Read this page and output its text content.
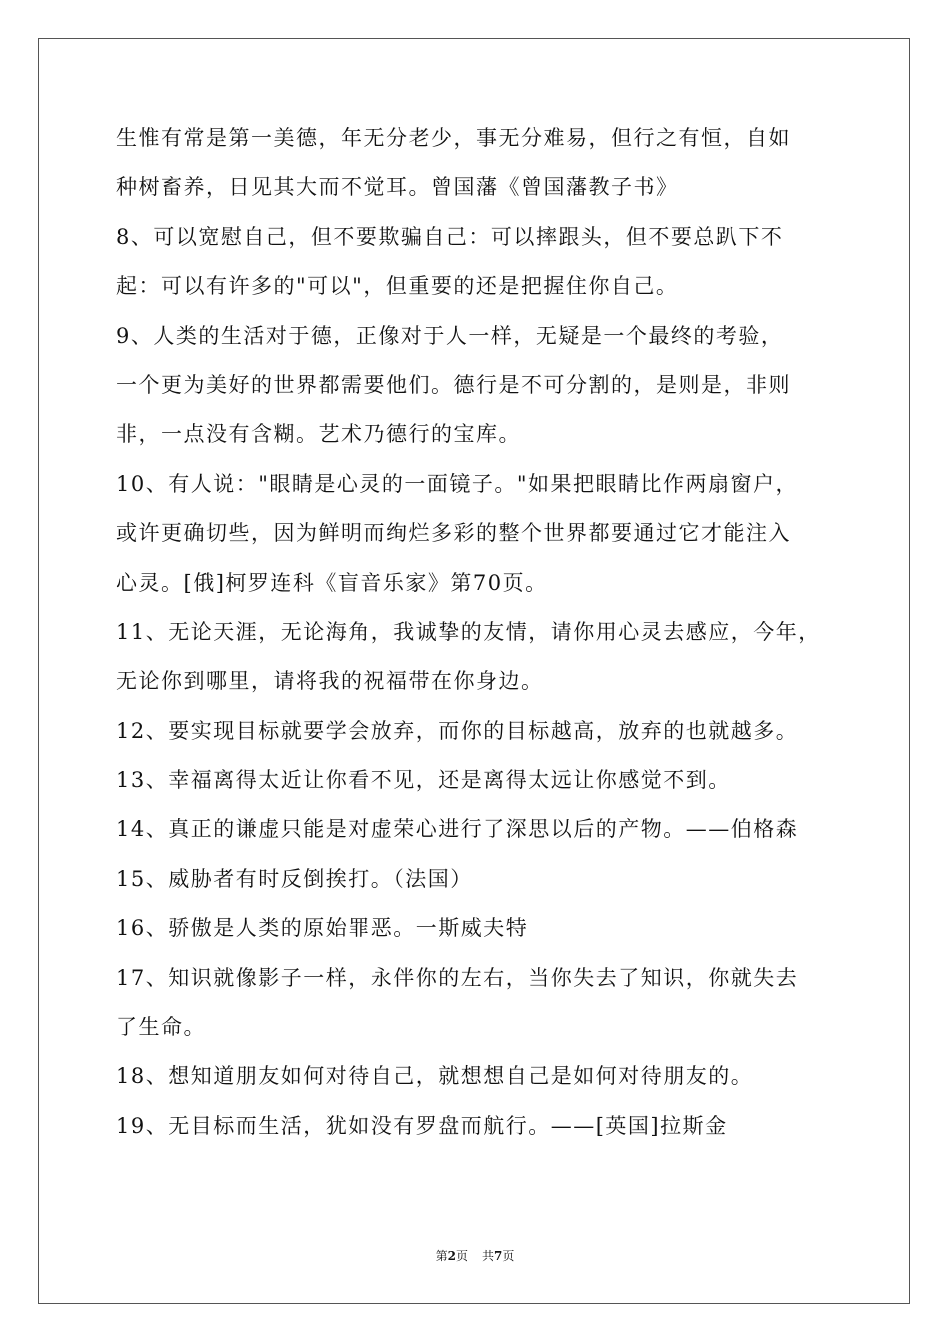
生惟有常是第一美德，年无分老少，事无分难易，但行之有恒，自如
种树畜养，日见其大而不觉耳。曾国藩《曾国藩教子书》
8、可以宽慰自己，但不要欺骗自己：可以摔跟头，但不要总趴下不
起：可以有许多的"可以"，但重要的还是把握住你自己。
9、人类的生活对于德，正像对于人一样，无疑是一个最终的考验，
一个更为美好的世界都需要他们。德行是不可分割的，是则是，非则
非，一点没有含糊。艺术乃德行的宝库。
10、有人说："眼睛是心灵的一面镜子。"如果把眼睛比作两扇窗户，
或许更确切些，因为鲜明而绚烂多彩的整个世界都要通过它才能注入
心灵。[俄]柯罗连科《盲音乐家》第70页。
11、无论天涯，无论海角，我诚挚的友情，请你用心灵去感应，今年，
无论你到哪里，请将我的祝福带在你身边。
12、要实现目标就要学会放弃，而你的目标越高，放弃的也就越多。
13、幸福离得太近让你看不见，还是离得太远让你感觉不到。
14、真正的谦虚只能是对虚荣心进行了深思以后的产物。——伯格森
15、威胁者有时反倒挨打。（法国）
16、骄傲是人类的原始罪恶。一斯威夫特
17、知识就像影子一样，永伴你的左右，当你失去了知识，你就失去
了生命。
18、想知道朋友如何对待自己，就想想自己是如何对待朋友的。
19、无目标而生活，犹如没有罗盘而航行。——[英国]拉斯金
第2页 共7页
